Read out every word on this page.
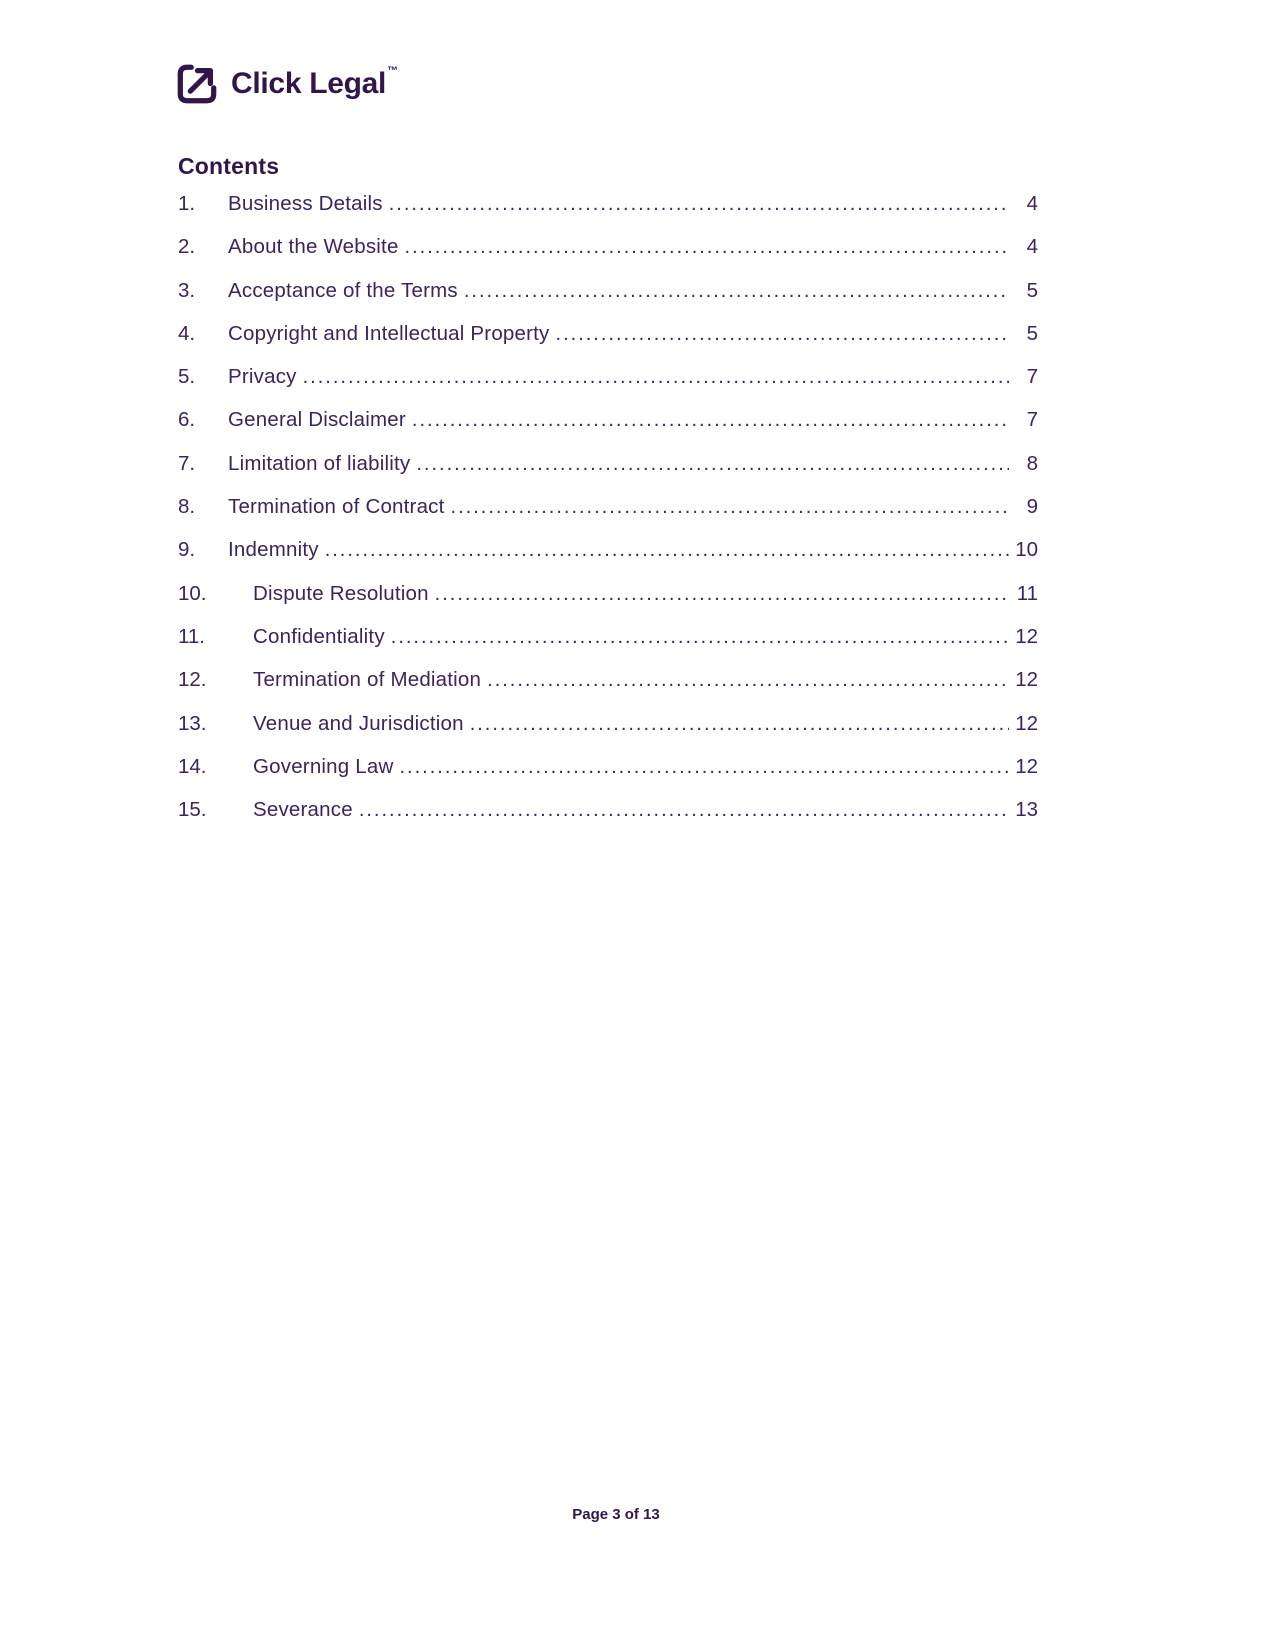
Click Legal™
Contents
1.	Business Details .....	4
2.	About the Website .....	4
3.	Acceptance of the Terms .....	5
4.	Copyright and Intellectual Property .....	5
5.	Privacy .....	7
6.	General Disclaimer .....	7
7.	Limitation of liability .....	8
8.	Termination of Contract .....	9
9.	Indemnity .....	10
10.	Dispute Resolution .....	11
11.	Confidentiality .....	12
12.	Termination of Mediation .....	12
13.	Venue and Jurisdiction .....	12
14.	Governing Law .....	12
15.	Severance .....	13
Page 3 of 13
